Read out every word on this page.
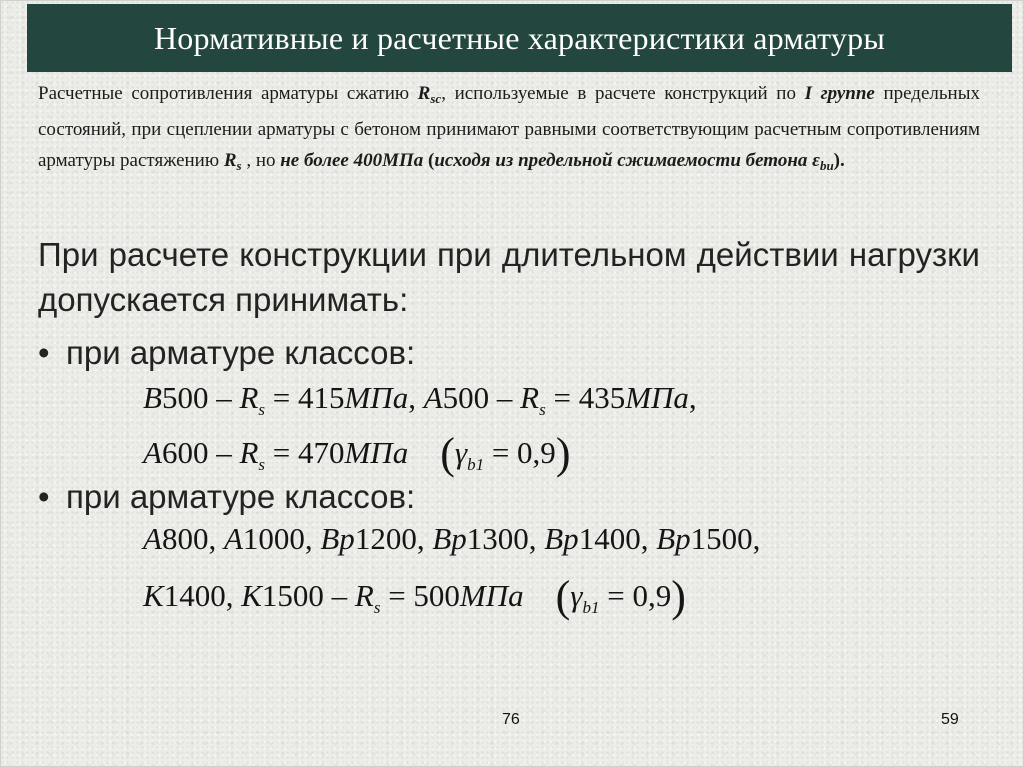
Нормативные и расчетные характеристики арматуры
Расчетные сопротивления арматуры сжатию $R_{sc}$, используемые в расчете конструкций по I группе предельных состояний, при сцеплении арматуры с бетоном принимают равными соответствующим расчетным сопротивлениям арматуры растяжению $R_s$ , но не более 400МПа (исходя из предельной сжимаемости бетона $\varepsilon_{bu}$).
При расчете конструкции при длительном действии нагрузки допускается принимать:
• при арматуре классов:
$B500 - R_s = 415МПа$, $A500 - R_s = 435МПа$,
$A600 - R_s = 470МПа$ $(\gamma_{b1} = 0,9)$
• при арматуре классов:
A800, A1000, Bp1200, Bp1300, Bp1400, Bp1500,
K1400, $K1500 - R_s = 500МПа$ $(\gamma_{b1} = 0,9)$
76	59
